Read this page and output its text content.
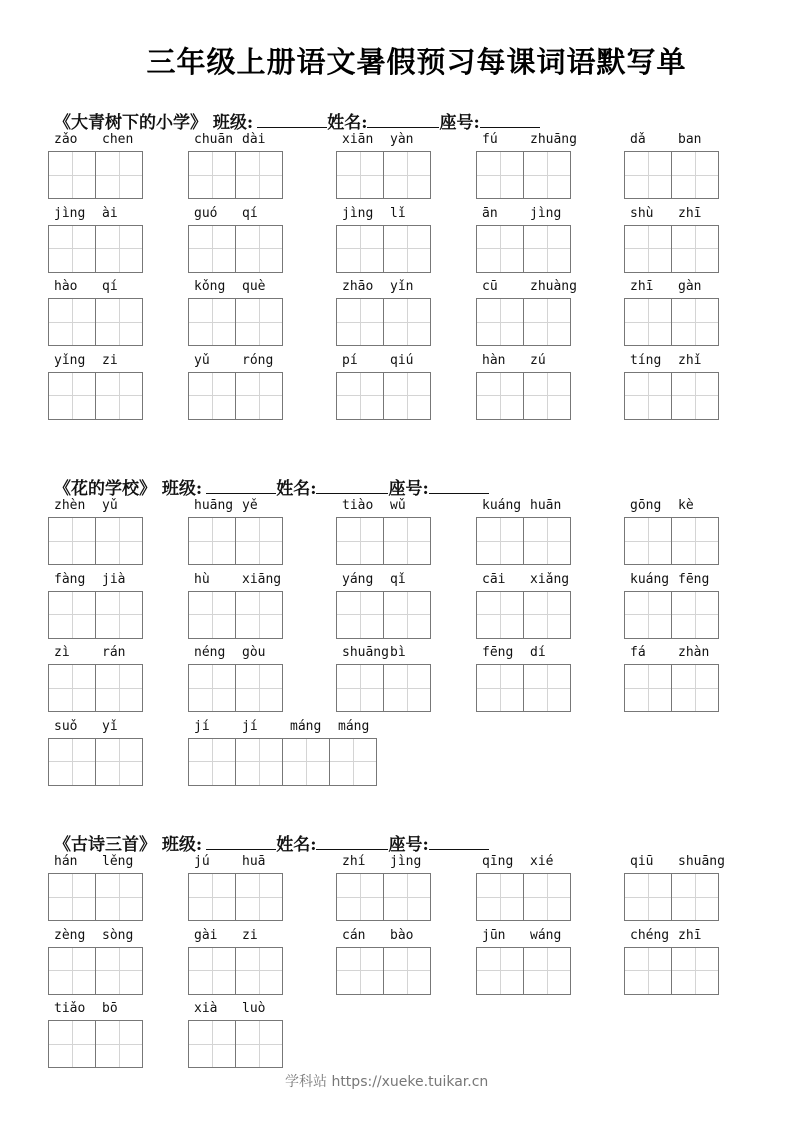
三年级上册语文暑假预习每课词语默写单
《大青树下的小学》 班级:	姓名:	座号:
zǎo chen	chuān dài	xiān yàn	fú zhuāng	dǎ ban
jìng ài	guó qí	jìng lǐ	ān jìng	shù zhī
hào qí	kǒng què	zhāo yǐn	cū zhuàng	zhī gàn
yǐng zi	yǔ róng	pí qiú	hàn zú	tíng zhǐ
《花的学校》 班级:	姓名:	座号:
zhèn yǔ	huāng yě	tiào wǔ	kuáng huān	gōng kè
fàng jià	hù xiāng	yáng qǐ	cāi xiǎng	kuáng fēng
zì rán	néng gòu	shuāng bì	fēng dí	fá zhàn
suǒ yǐ	jí jí máng máng
《古诗三首》 班级:	姓名:	座号:
hán lěng	jú huā	zhí jìng	qīng xié	qiū shuāng
zèng sòng	gài zi	cán bào	jūn wáng	chéng zhī
tiǎo bō	xià luò
学科站 https://xueke.tuikar.cn
